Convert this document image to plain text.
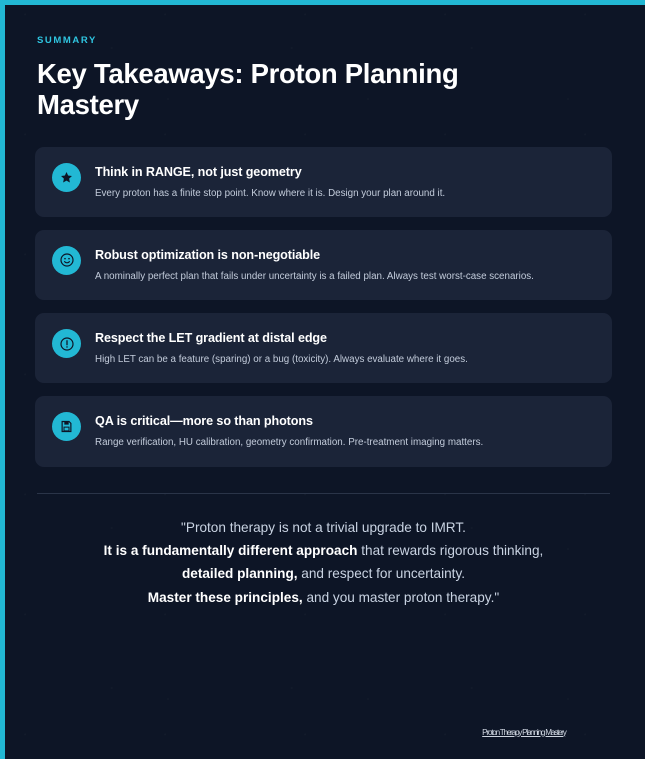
SUMMARY
Key Takeaways: Proton Planning Mastery
Think in RANGE, not just geometry
Every proton has a finite stop point. Know where it is. Design your plan around it.
Robust optimization is non-negotiable
A nominally perfect plan that fails under uncertainty is a failed plan. Always test worst-case scenarios.
Respect the LET gradient at distal edge
High LET can be a feature (sparing) or a bug (toxicity). Always evaluate where it goes.
QA is critical—more so than photons
Range verification, HU calibration, geometry confirmation. Pre-treatment imaging matters.
"Proton therapy is not a trivial upgrade to IMRT.
It is a fundamentally different approach that rewards rigorous thinking,
detailed planning, and respect for uncertainty.
Master these principles, and you master proton therapy."
Proton Therapy Planning Mastery
